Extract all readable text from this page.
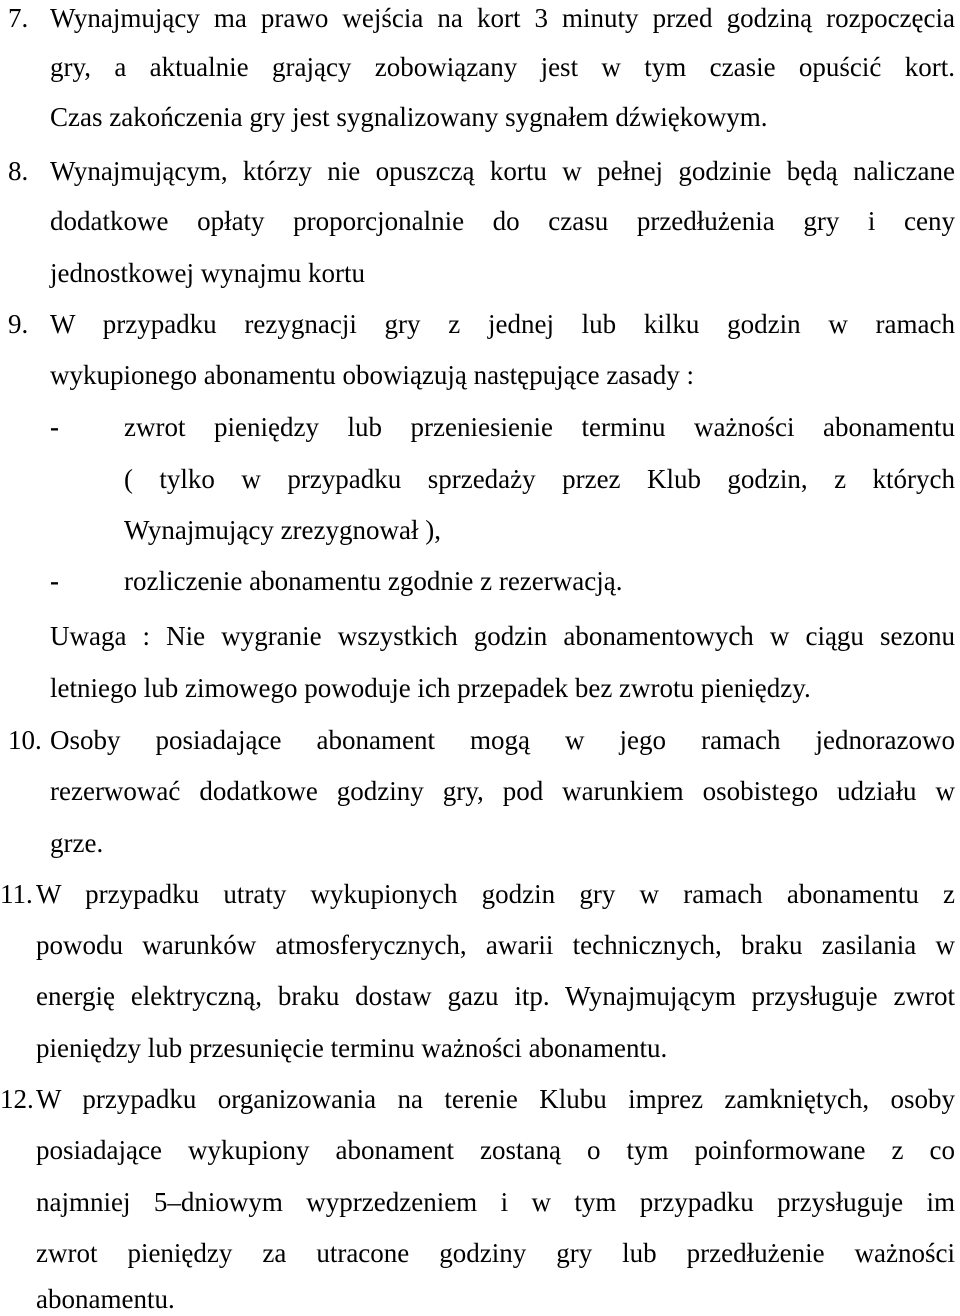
7. Wynajmujący ma prawo wejścia na kort 3 minuty przed godziną rozpoczęcia
gry, a aktualnie grający zobowiązany jest w tym czasie opuścić kort.
Czas zakończenia gry jest sygnalizowany sygnałem dźwiękowym.
8. Wynajmującym, którzy nie opuszczą kortu w pełnej godzinie będą naliczane
dodatkowe opłaty proporcjonalnie do czasu przedłużenia gry i ceny
jednostkowej wynajmu kortu
9. W przypadku rezygnacji gry z jednej lub kilku godzin w ramach
wykupionego abonamentu obowiązują następujące zasady :
- zwrot pieniędzy lub przeniesienie terminu ważności abonamentu
( tylko w przypadku sprzedaży przez Klub godzin, z których
Wynajmujący zrezygnował ),
- rozliczenie abonamentu zgodnie z rezerwacją.
Uwaga : Nie wygranie wszystkich godzin abonamentowych w ciągu sezonu
letniego lub zimowego powoduje ich przepadek bez zwrotu pieniędzy.
10. Osoby posiadające abonament mogą w jego ramach jednorazowo
rezerwować dodatkowe godziny gry, pod warunkiem osobistego udziału w
grze.
11. W przypadku utraty wykupionych godzin gry w ramach abonamentu z
powodu warunków atmosferycznych, awarii technicznych, braku zasilania w
energię elektryczną, braku dostaw gazu itp. Wynajmującym przysługuje zwrot
pieniędzy lub przesunięcie terminu ważności abonamentu.
12. W przypadku organizowania na terenie Klubu imprez zamkniętych, osoby
posiadające wykupiony abonament zostaną o tym poinformowane z co
najmniej 5–dniowym wyprzedzeniem i w tym przypadku przysługuje im
zwrot pieniędzy za utracone godziny gry lub przedłużenie ważności
abonamentu.
